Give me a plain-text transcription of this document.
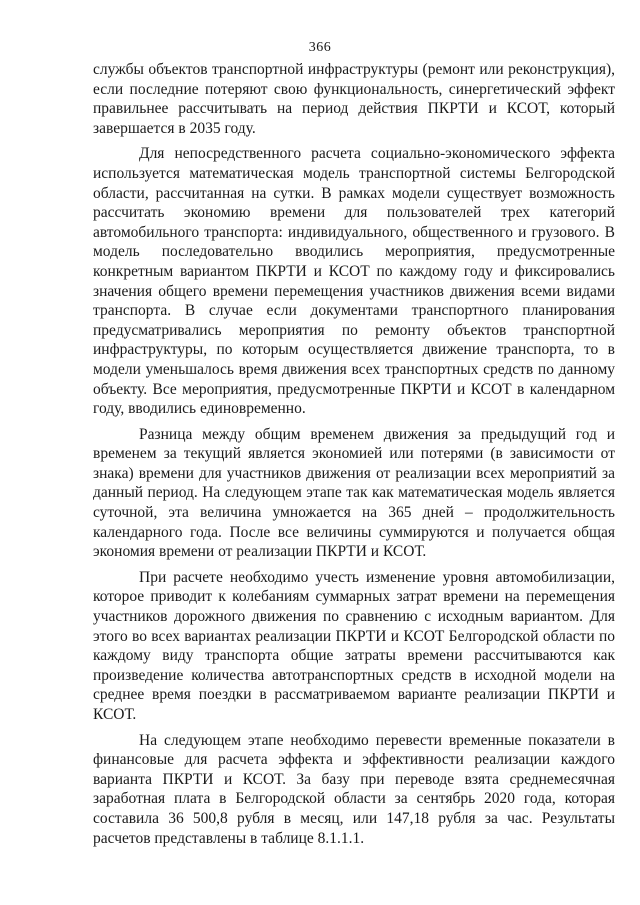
366

службы объектов транспортной инфраструктуры (ремонт или реконструкция), если последние потеряют свою функциональность, синергетический эффект правильнее рассчитывать на период действия ПКРТИ и КСОТ, который завершается в 2035 году.

Для непосредственного расчета социально-экономического эффекта используется математическая модель транспортной системы Белгородской области, рассчитанная на сутки. В рамках модели существует возможность рассчитать экономию времени для пользователей трех категорий автомобильного транспорта: индивидуального, общественного и грузового. В модель последовательно вводились мероприятия, предусмотренные конкретным вариантом ПКРТИ и КСОТ по каждому году и фиксировались значения общего времени перемещения участников движения всеми видами транспорта. В случае если документами транспортного планирования предусматривались мероприятия по ремонту объектов транспортной инфраструктуры, по которым осуществляется движение транспорта, то в модели уменьшалось время движения всех транспортных средств по данному объекту. Все мероприятия, предусмотренные ПКРТИ и КСОТ в календарном году, вводились единовременно.

Разница между общим временем движения за предыдущий год и временем за текущий является экономией или потерями (в зависимости от знака) времени для участников движения от реализации всех мероприятий за данный период. На следующем этапе так как математическая модель является суточной, эта величина умножается на 365 дней – продолжительность календарного года. После все величины суммируются и получается общая экономия времени от реализации ПКРТИ и КСОТ.

При расчете необходимо учесть изменение уровня автомобилизации, которое приводит к колебаниям суммарных затрат времени на перемещения участников дорожного движения по сравнению с исходным вариантом. Для этого во всех вариантах реализации ПКРТИ и КСОТ Белгородской области по каждому виду транспорта общие затраты времени рассчитываются как произведение количества автотранспортных средств в исходной модели на среднее время поездки в рассматриваемом варианте реализации ПКРТИ и КСОТ.

На следующем этапе необходимо перевести временные показатели в финансовые для расчета эффекта и эффективности реализации каждого варианта ПКРТИ и КСОТ. За базу при переводе взята среднемесячная заработная плата в Белгородской области за сентябрь 2020 года, которая составила 36 500,8 рубля в месяц, или 147,18 рубля за час. Результаты расчетов представлены в таблице 8.1.1.1.
